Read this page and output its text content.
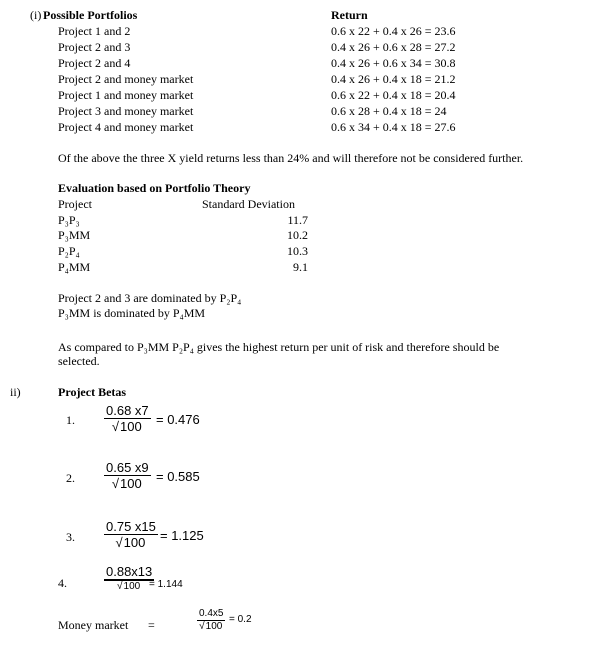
(i) Possible Portfolios	Return
Project 1 and 2	0.6 x 22 + 0.4 x 26 = 23.6
Project 2 and 3	0.4 x 26 + 0.6 x 28 = 27.2
Project 2 and 4	0.4 x 26 + 0.6 x 34 = 30.8
Project 2 and money market	0.4 x 26 + 0.4 x 18 = 21.2
Project 1 and money market	0.6 x 22 + 0.4 x 18 = 20.4
Project 3 and money market	0.6 x 28 + 0.4 x 18 = 24
Project 4 and money market	0.6 x 34 + 0.4 x 18 = 27.6
Of the above the three X yield returns less than 24% and will therefore not be considered further.
Evaluation based on Portfolio Theory
Project	Standard Deviation
P₃P₃	11.7
P₃MM	10.2
P₂P₄	10.3
P₄MM	9.1
Project 2 and 3 are dominated by P₂P₄
P₃MM is dominated by P₄MM
As compared to P₃MM P₂P₄ gives the highest return per unit of risk and therefore should be
selected.
ii)	Project Betas
1.
0.68 x7
√100	= 0.476
2.
0.65 x9
√100	= 0.585
3.
0.75 x15
√100	= 1.125
4.
0.88x13
√100 = 1.144
Money market =
0.4x5
√100
= 0.2
